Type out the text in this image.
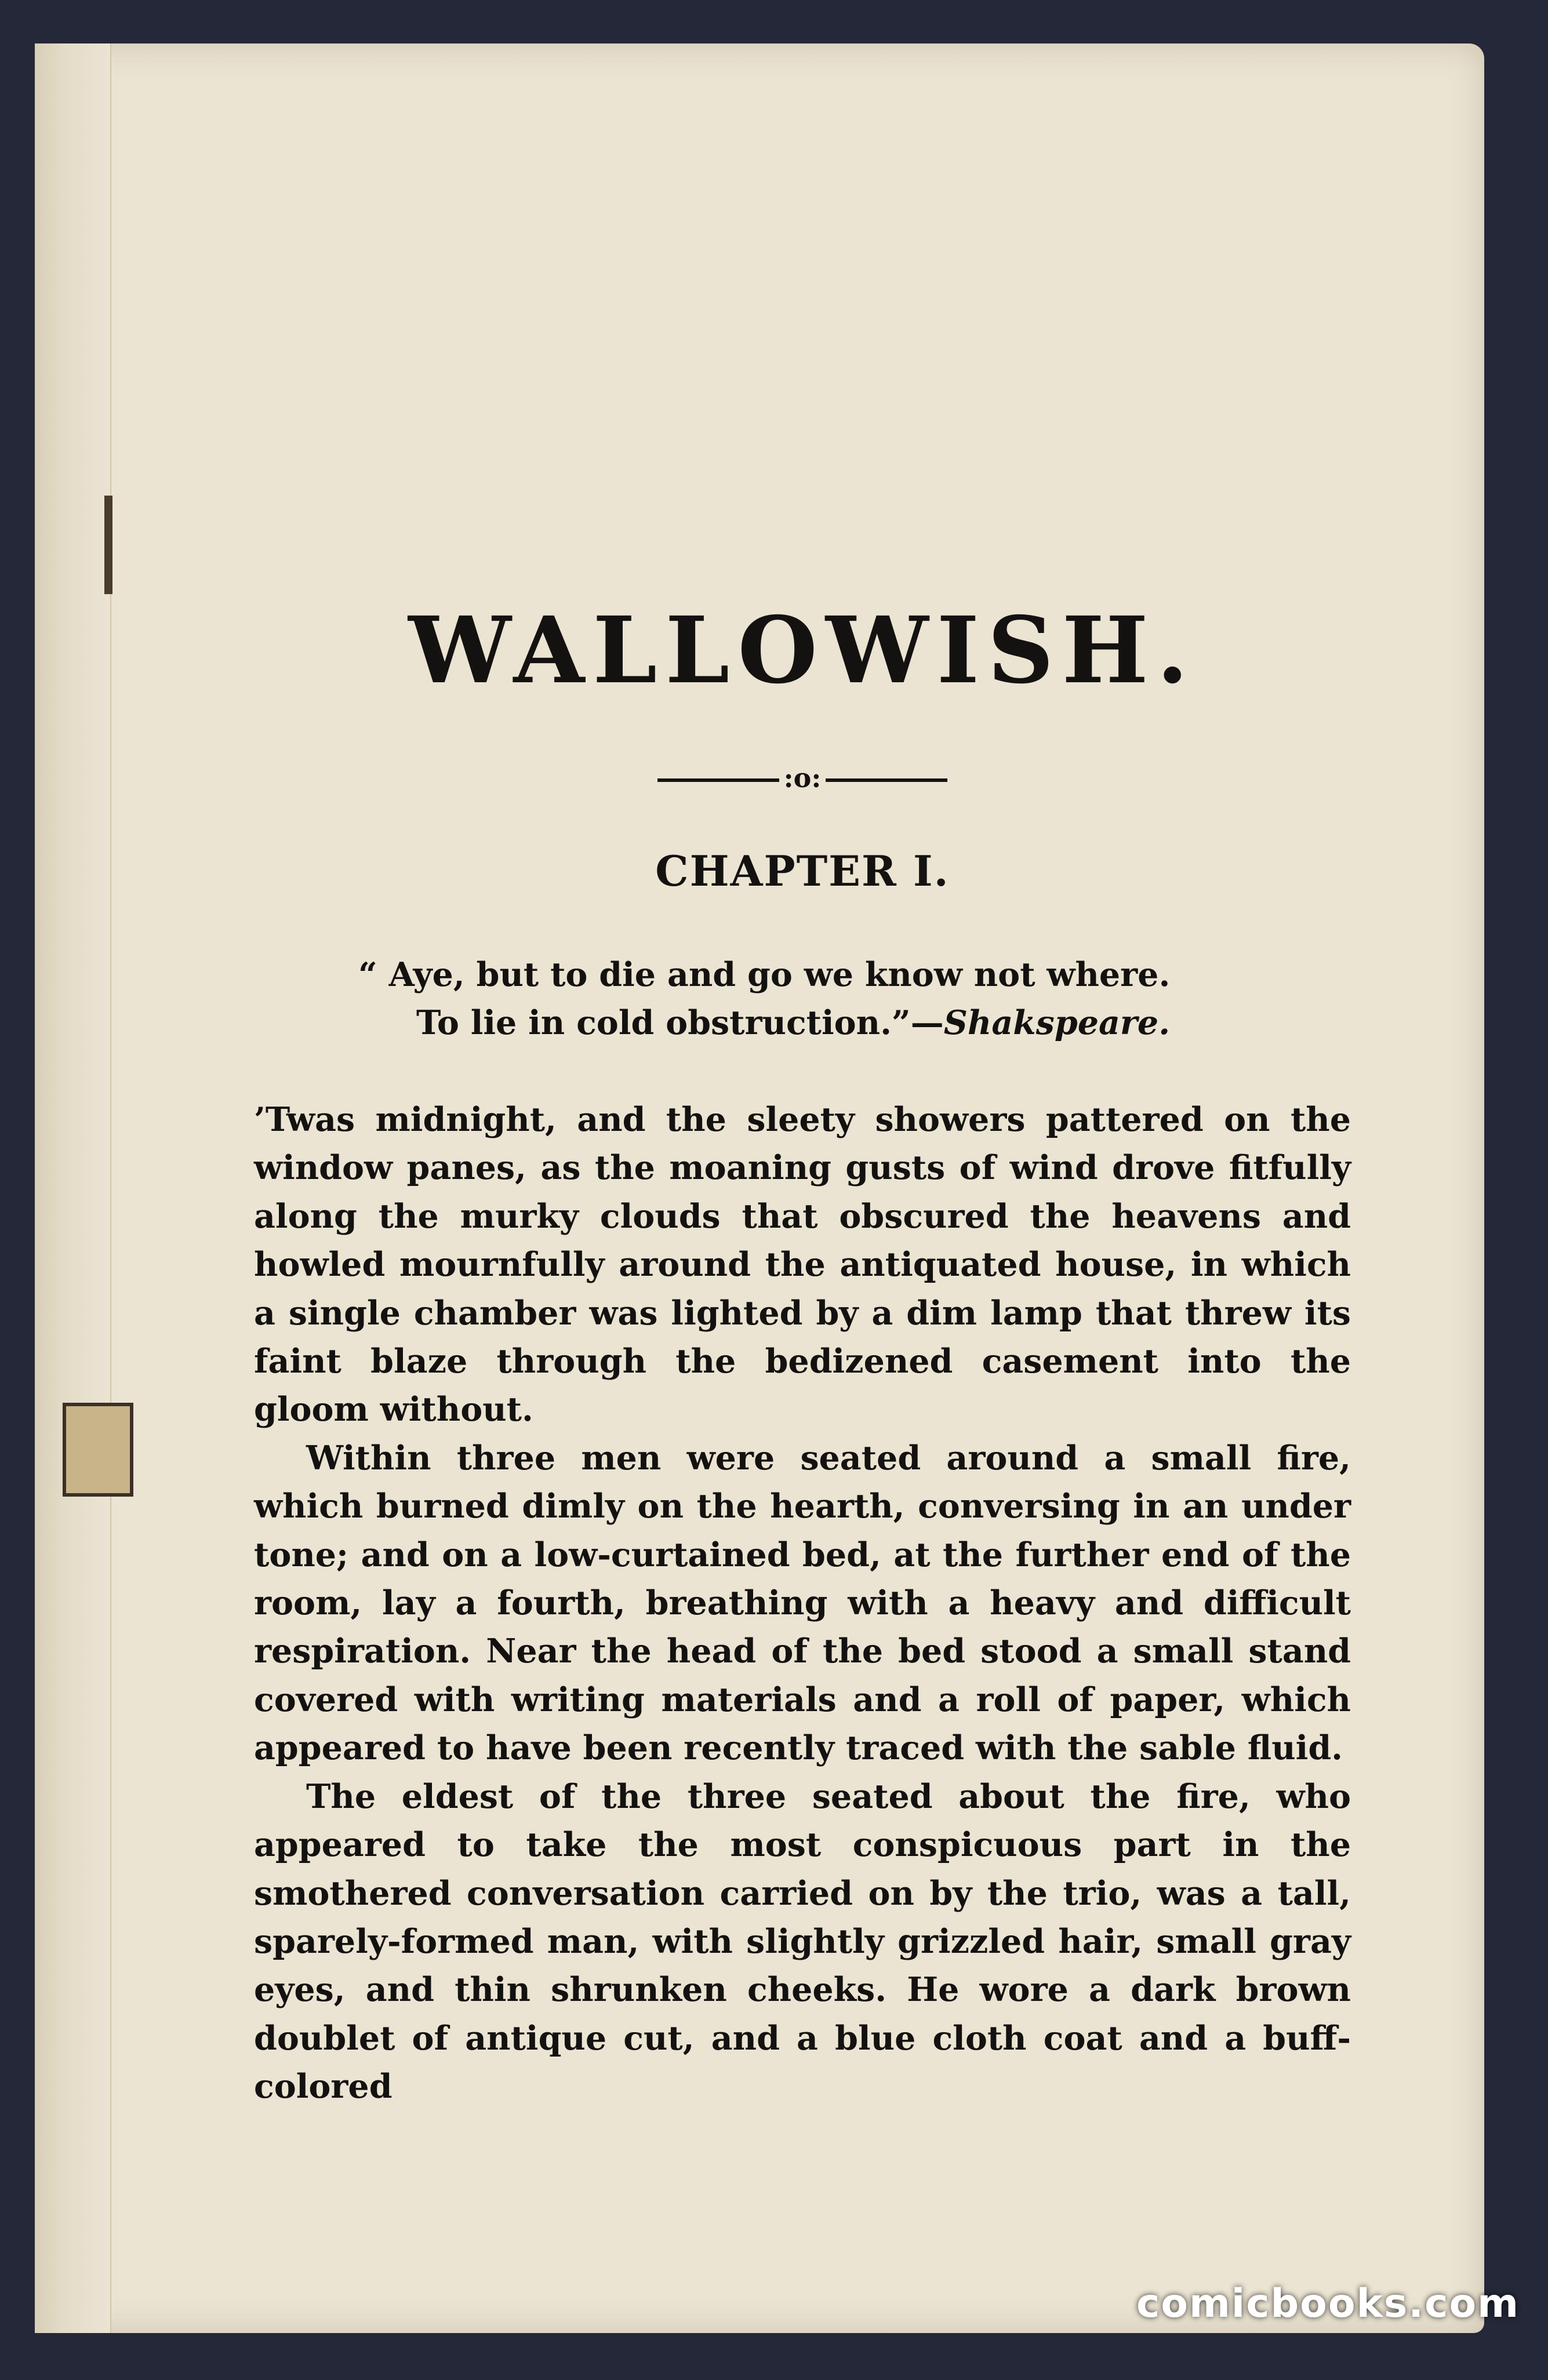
WALLOWISH.
:o:
CHAPTER I.
“ Aye, but to die and go we know not where.
To lie in cold obstruction.”—Shakspeare.

’Twas midnight, and the sleety showers pattered on the window panes, as the moaning gusts of wind drove fitfully along the murky clouds that obscured the heavens and howled mournfully around the antiquated house, in which a single chamber was lighted by a dim lamp that threw its faint blaze through the bedizened casement into the gloom without.

Within three men were seated around a small fire, which burned dimly on the hearth, conversing in an under tone; and on a low-curtained bed, at the further end of the room, lay a fourth, breathing with a heavy and difficult respiration. Near the head of the bed stood a small stand covered with writing materials and a roll of paper, which appeared to have been recently traced with the sable fluid.

The eldest of the three seated about the fire, who appeared to take the most conspicuous part in the smothered conversation carried on by the trio, was a tall, sparely-formed man, with slightly grizzled hair, small gray eyes, and thin shrunken cheeks. He wore a dark brown doublet of antique cut, and a blue cloth coat and a buff-colored

comicbooks.com
